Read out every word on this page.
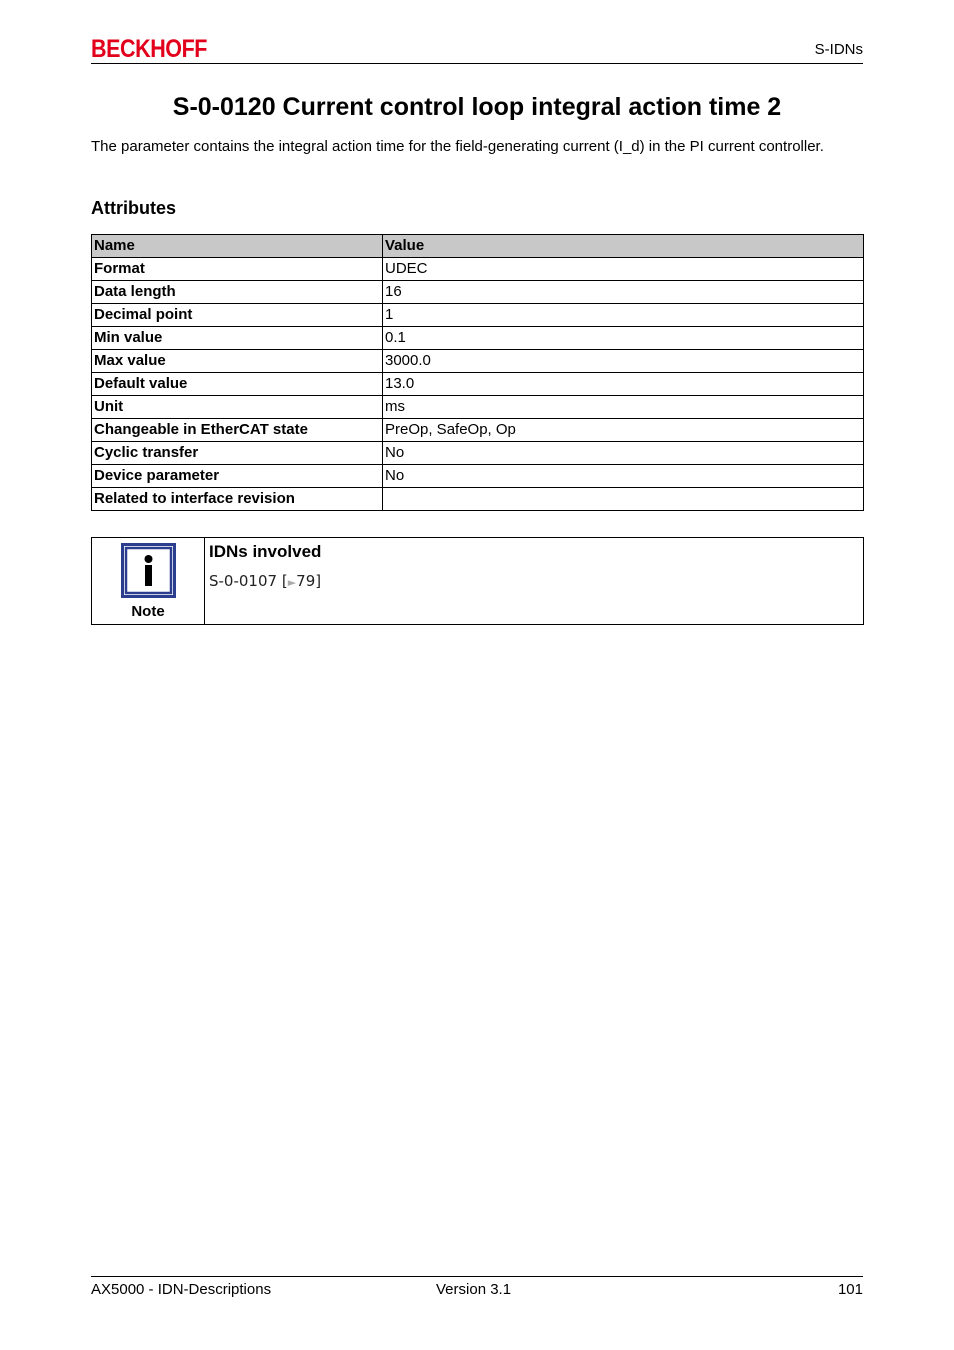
BECKHOFF	S-IDNs
S-0-0120 Current control loop integral action time 2

The parameter contains the integral action time for the field-generating current (I_d) in the PI current controller.

Attributes
Name	Value
Format	UDEC
Data length	16
Decimal point	1
Min value	0.1
Max value	3000.0
Default value	13.0
Unit	ms
Changeable in EtherCAT state	PreOp, SafeOp, Op
Cyclic transfer	No
Device parameter	No
Related to interface revision	
Note
IDNs involved
S-0-0107 [►79]
AX5000 - IDN-Descriptions	Version 3.1	101
